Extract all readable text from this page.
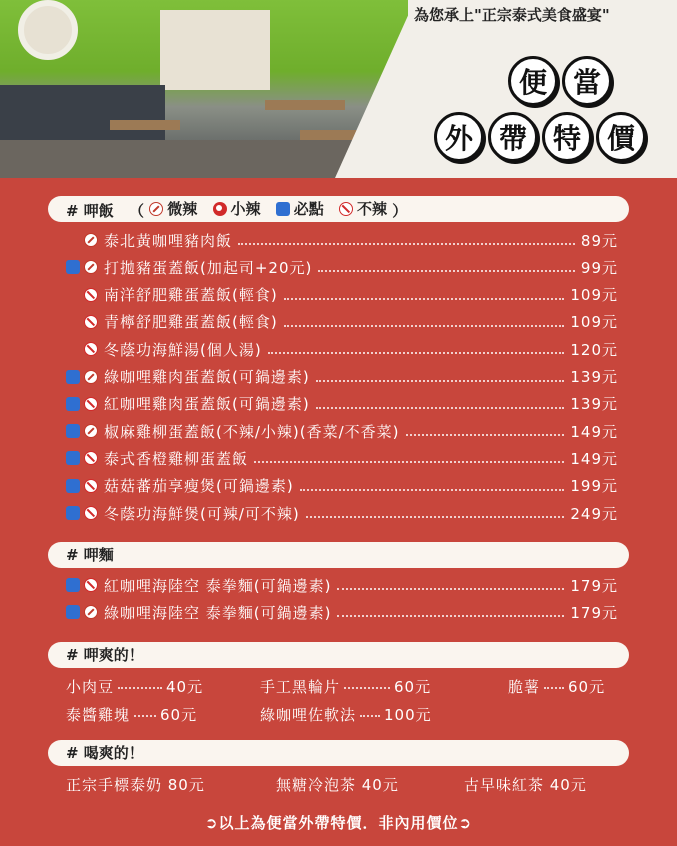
為您承上"正宗泰式美食盛宴"
便 當
外 帶 特 價
# 呷飯 （ 微辣
小辣
必點
不辣 ）
泰北黃咖哩豬肉飯	89元
打拋豬蛋蓋飯(加起司+20元)	99元
南洋舒肥雞蛋蓋飯(輕食)	109元
青檸舒肥雞蛋蓋飯(輕食)	109元
冬蔭功海鮮湯(個人湯)	120元
綠咖哩雞肉蛋蓋飯(可鍋邊素)	139元
紅咖哩雞肉蛋蓋飯(可鍋邊素)	139元
椒麻雞柳蛋蓋飯(不辣/小辣)(香菜/不香菜)	149元
泰式香橙雞柳蛋蓋飯	149元
菇菇蕃茄享瘦煲(可鍋邊素)	199元
冬蔭功海鮮煲(可辣/可不辣)	249元
# 呷麵
紅咖哩海陸空 泰拳麵(可鍋邊素)	179元
綠咖哩海陸空 泰拳麵(可鍋邊素)	179元
# 呷爽的！
小肉豆	40元	手工黑輪片	60元	脆薯 60元
泰醬雞塊 60元	綠咖哩佐軟法 100元
# 喝爽的！
正宗手標泰奶 80元	無糖冷泡茶 40元	古早味紅茶 40元
➲以上為便當外帶特價．非內用價位➲
